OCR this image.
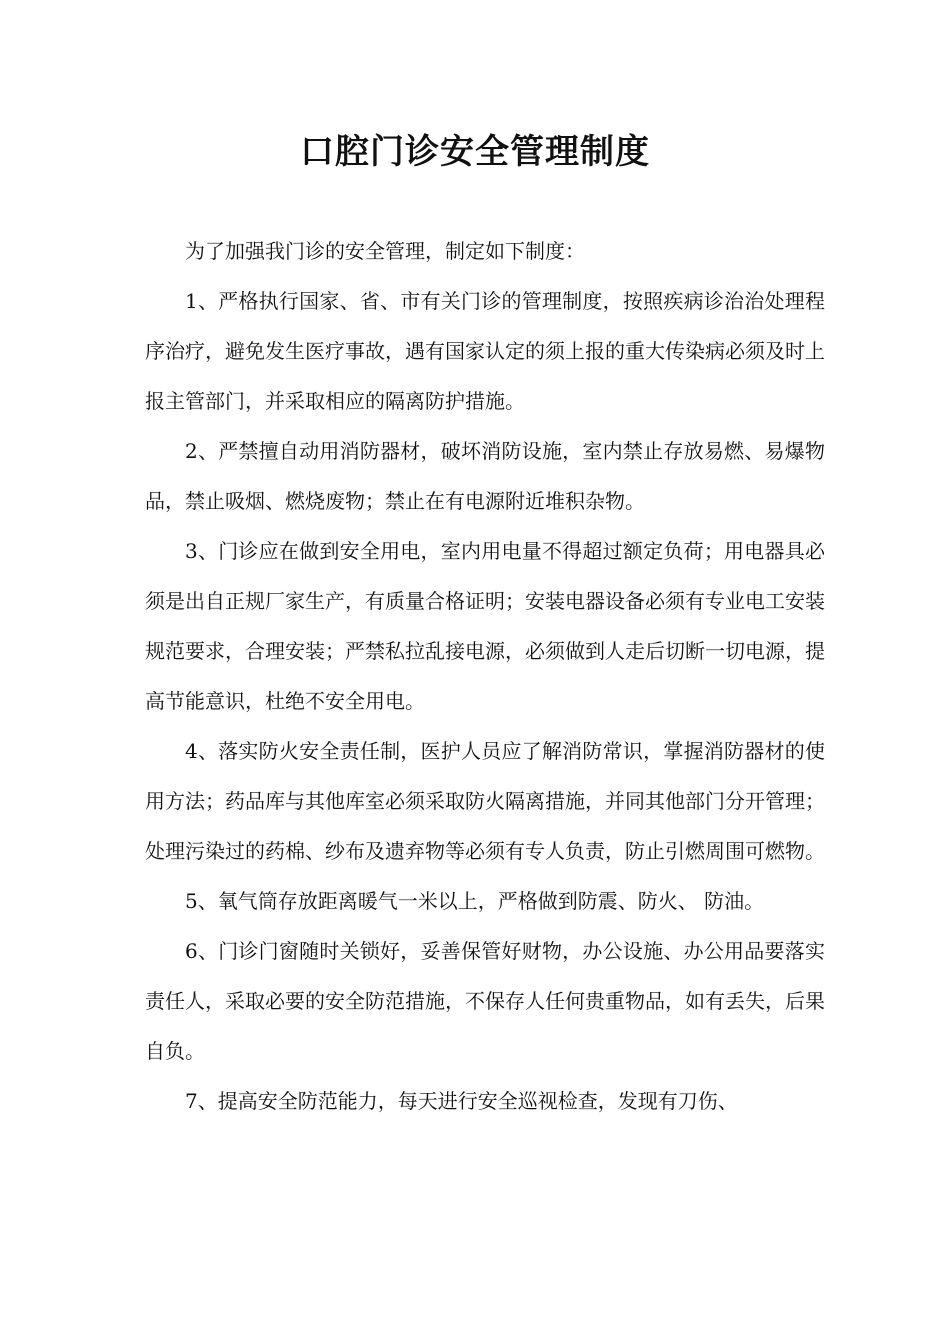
口腔门诊安全管理制度

为了加强我门诊的安全管理，制定如下制度：

1、严格执行国家、省、市有关门诊的管理制度，按照疾病诊治治处理程序治疗，避免发生医疗事故，遇有国家认定的须上报的重大传染病必须及时上报主管部门，并采取相应的隔离防护措施。

2、严禁擅自动用消防器材，破坏消防设施，室内禁止存放易燃、易爆物品，禁止吸烟、燃烧废物；禁止在有电源附近堆积杂物。

3、门诊应在做到安全用电，室内用电量不得超过额定负荷；用电器具必须是出自正规厂家生产，有质量合格证明；安装电器设备必须有专业电工安装规范要求，合理安装；严禁私拉乱接电源，必须做到人走后切断一切电源，提高节能意识，杜绝不安全用电。

4、落实防火安全责任制，医护人员应了解消防常识，掌握消防器材的使用方法；药品库与其他库室必须采取防火隔离措施，并同其他部门分开管理；处理污染过的药棉、纱布及遗弃物等必须有专人负责，防止引燃周围可燃物。

5、氧气筒存放距离暖气一米以上，严格做到防震、防火、 防油。

6、门诊门窗随时关锁好，妥善保管好财物，办公设施、办公用品要落实责任人，采取必要的安全防范措施，不保存人任何贵重物品，如有丢失，后果自负。

7、提高安全防范能力，每天进行安全巡视检查，发现有刀伤、
